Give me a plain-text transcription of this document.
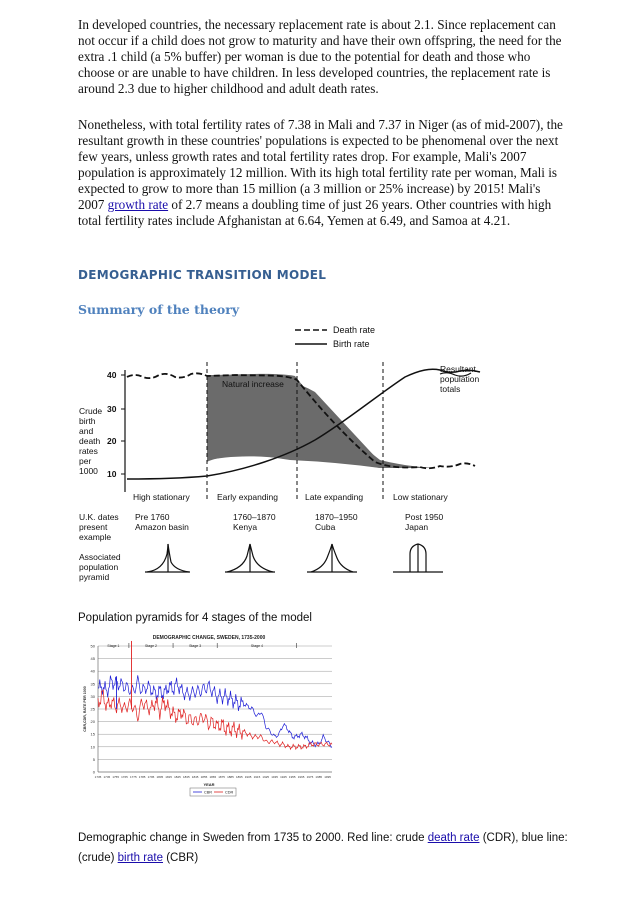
In developed countries, the necessary replacement rate is about 2.1. Since replacement can not occur if a child does not grow to maturity and have their own offspring, the need for the extra .1 child (a 5% buffer) per woman is due to the potential for death and those who choose or are unable to have children. In less developed countries, the replacement rate is around 2.3 due to higher childhood and adult death rates.

Nonetheless, with total fertility rates of 7.38 in Mali and 7.37 in Niger (as of mid-2007), the resultant growth in these countries' populations is expected to be phenomenal over the next few years, unless growth rates and total fertility rates drop. For example, Mali's 2007 population is approximately 12 million. With its high total fertility rate per woman, Mali is expected to grow to more than 15 million (a 3 million or 25% increase) by 2015! Mali's 2007 growth rate of 2.7 means a doubling time of just 26 years. Other countries with high total fertility rates include Afghanistan at 6.64, Yemen at 6.49, and Samoa at 4.21.

DEMOGRAPHIC TRANSITION MODEL
Summary of the theory
Death rate
Birth rate
40
30
20
10
Crude birth and death rates per 1000
Natural increase
Resultant population totals
High stationary	Early expanding	Late expanding	Low stationary
U.K. dates present example
Pre 1760 Amazon basin
1760–1870 Kenya
1870–1950 Cuba
Post 1950 Japan
Associated population pyramid

Population pyramids for 4 stages of the model

DEMOGRAPHIC CHANGE, SWEDEN, 1735-2000
0
5
10
15
20
25
30
35
40
45
50
1735 1745 1755 1765 1775 1785 1795 1805 1815 1825 1835 1845 1855 1865 1875 1885 1895 1905 1915 1925 1935 1945 1955 1965 1975 1985 1995
YEAR
CBR,CDR, RATE PER 1000
Stage 1	Stage 2	Stage 3	Stage 4
CBR	CDR

Demographic change in Sweden from 1735 to 2000. Red line: crude death rate (CDR), blue line:
(crude) birth rate (CBR)
